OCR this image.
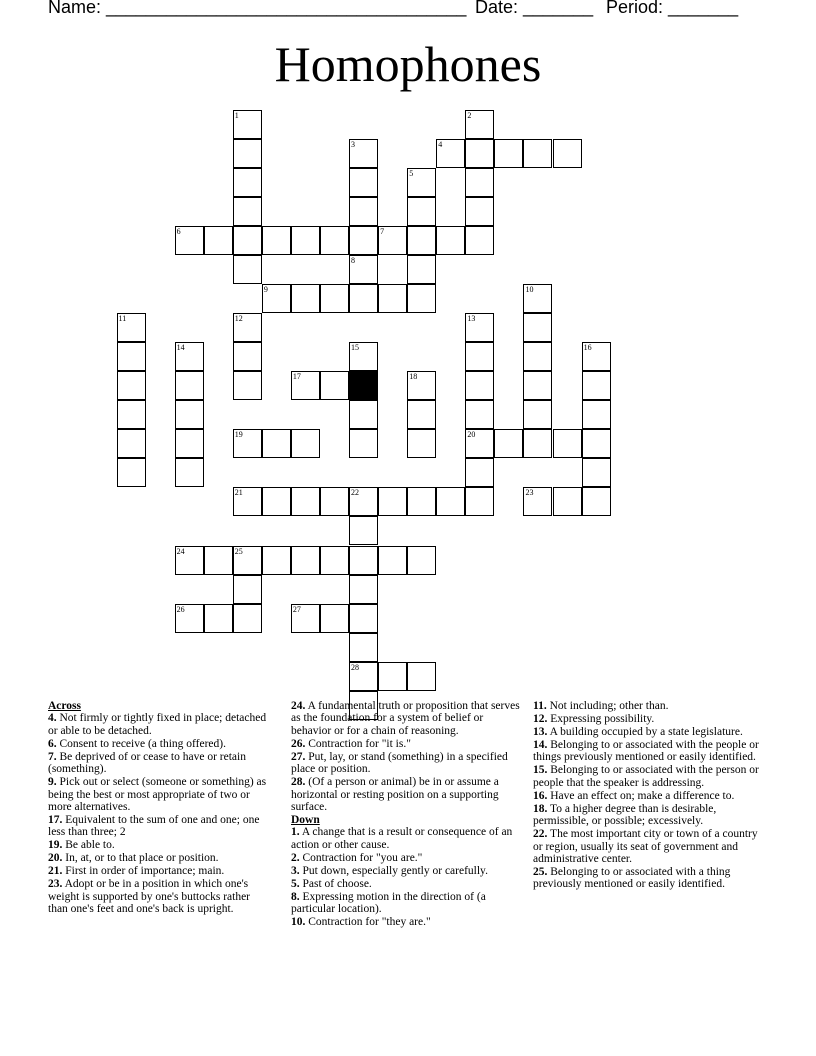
Name: ____________________________________ Date: _______ Period: _______
Homophones
4
6	7
9
17
19	20
21	22	23
24	25
26	27
28
1	2
3
8
5
10
11	12	13
14	15	16
18
Across
4. Not firmly or tightly fixed in place; detached or able to be detached.
6. Consent to receive (a thing offered).
7. Be deprived of or cease to have or retain (something).
9. Pick out or select (someone or something) as being the best or most appropriate of two or more alternatives.
17. Equivalent to the sum of one and one; one less than three; 2
19. Be able to.
20. In, at, or to that place or position.
21. First in order of importance; main.
23. Adopt or be in a position in which one's weight is supported by one's buttocks rather than one's feet and one's back is upright.
24. A fundamental truth or proposition that serves as the foundation for a system of belief or behavior or for a chain of reasoning.
26. Contraction for "it is."
27. Put, lay, or stand (something) in a specified place or position.
28. (Of a person or animal) be in or assume a horizontal or resting position on a supporting surface.
Down
1. A change that is a result or consequence of an action or other cause.
2. Contraction for "you are."
3. Put down, especially gently or carefully.
5. Past of choose.
8. Expressing motion in the direction of (a particular location).
10. Contraction for "they are."
11. Not including; other than.
12. Expressing possibility.
13. A building occupied by a state legislature.
14. Belonging to or associated with the people or things previously mentioned or easily identified.
15. Belonging to or associated with the person or people that the speaker is addressing.
16. Have an effect on; make a difference to.
18. To a higher degree than is desirable, permissible, or possible; excessively.
22. The most important city or town of a country or region, usually its seat of government and administrative center.
25. Belonging to or associated with a thing previously mentioned or easily identified.
